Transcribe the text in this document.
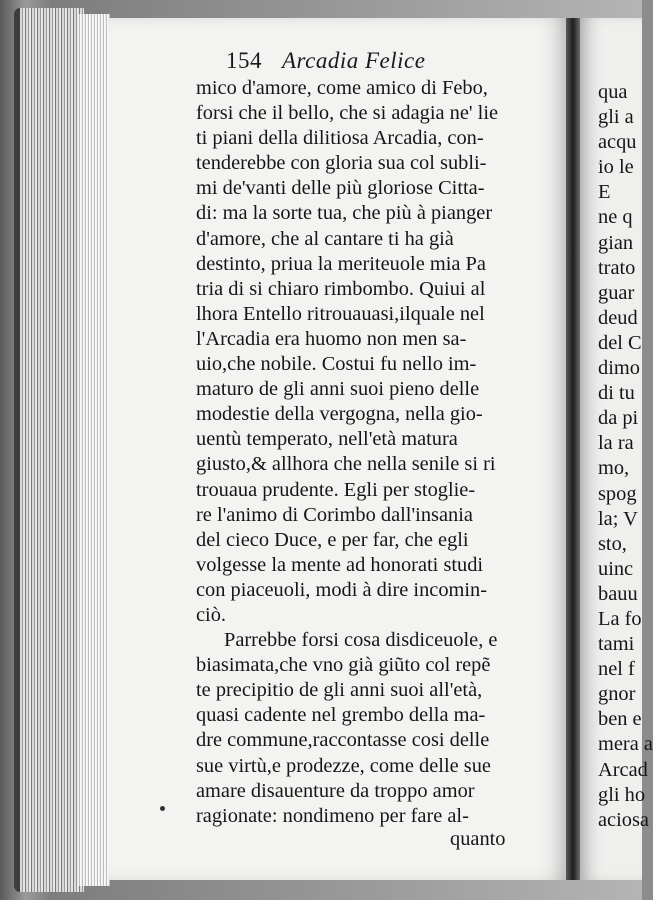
154 Arcadia Felice
mico d'amore, come amico di Febo,
forsi che il bello, che si adagia ne' lie
ti piani della dilitiosa Arcadia, con-
tenderebbe con gloria sua col subli-
mi de'vanti delle più gloriose Citta-
di: ma la sorte tua, che più à pianger
d'amore, che al cantare ti ha già
destinto, priua la meriteuole mia Pa
tria di si chiaro rimbombo. Quiui al
lhora Entello ritrouauasi,ilquale nel
l'Arcadia era huomo non men sa-
uio,che nobile. Costui fu nello im-
maturo de gli anni suoi pieno delle
modestie della vergogna, nella gio-
uentù temperato, nell'età matura
giusto,& allhora che nella senile si ri
trouaua prudente. Egli per stoglie-
re l'animo di Corimbo dall'insania
del cieco Duce, e per far, che egli
volgesse la mente ad honorati studi
con piaceuoli, modi à dire incomin-
ciò.
Parrebbe forsi cosa disdiceuole, e
biasimata,che vno già giũto col repẽ
te precipitio de gli anni suoi all'età,
quasi cadente nel grembo della ma-
dre commune,raccontasse cosi delle
sue virtù,e prodezze, come delle sue
amare disauenture da troppo amor
ragionate: nondimeno per fare al-
quanto
qua
gli a
acqu
io le
E
ne q
gian
trato
guar
deud
del C
dimo
di tu
da pi
la ra
mo,
spog
la; V
sto,
uinc
bauu
La fo
tami
nel f
gnor
ben e
mera a
Arcad
gli ho
aciosa
